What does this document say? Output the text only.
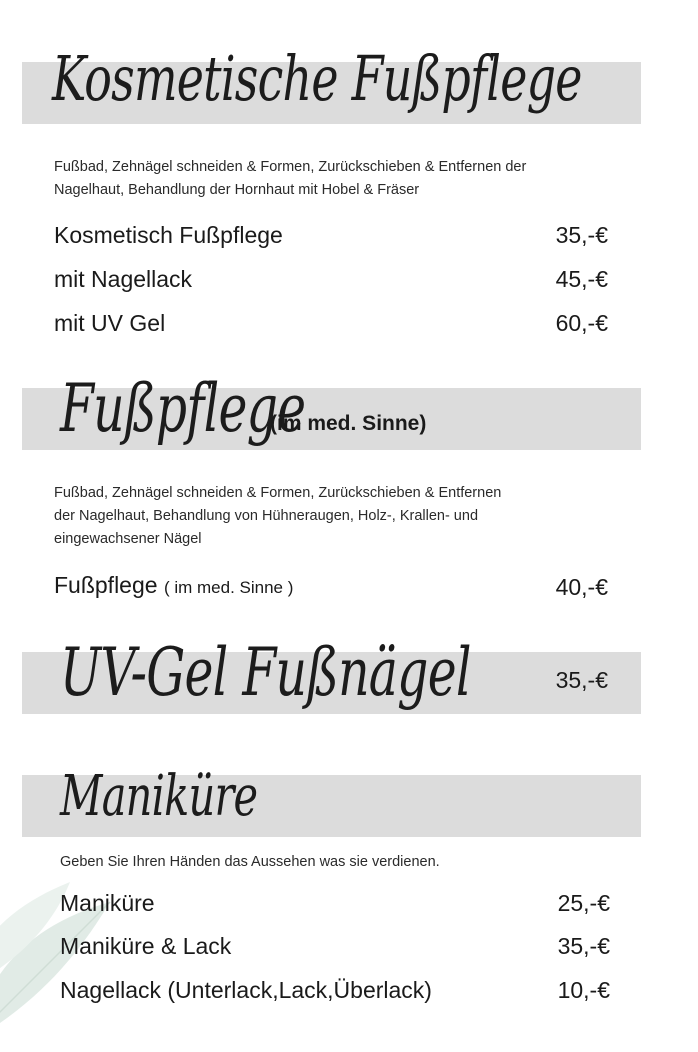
Kosmetische Fußpflege
Fußbad, Zehnägel schneiden & Formen, Zurückschieben & Entfernen der
Nagelhaut, Behandlung der Hornhaut mit Hobel & Fräser
Kosmetisch Fußpflege	35,-€
mit Nagellack	45,-€
mit UV Gel	60,-€
Fußpflege
(im med. Sinne)
Fußbad, Zehnägel schneiden & Formen, Zurückschieben & Entfernen
der Nagelhaut, Behandlung von Hühneraugen, Holz-, Krallen- und
eingewachsener Nägel
Fußpflege ( im med. Sinne )	40,-€
UV-Gel Fußnägel	35,-€
Maniküre
Geben Sie Ihren Händen das Aussehen was sie verdienen.
Maniküre	25,-€
Maniküre & Lack	35,-€
Nagellack (Unterlack,Lack,Überlack)	10,-€
